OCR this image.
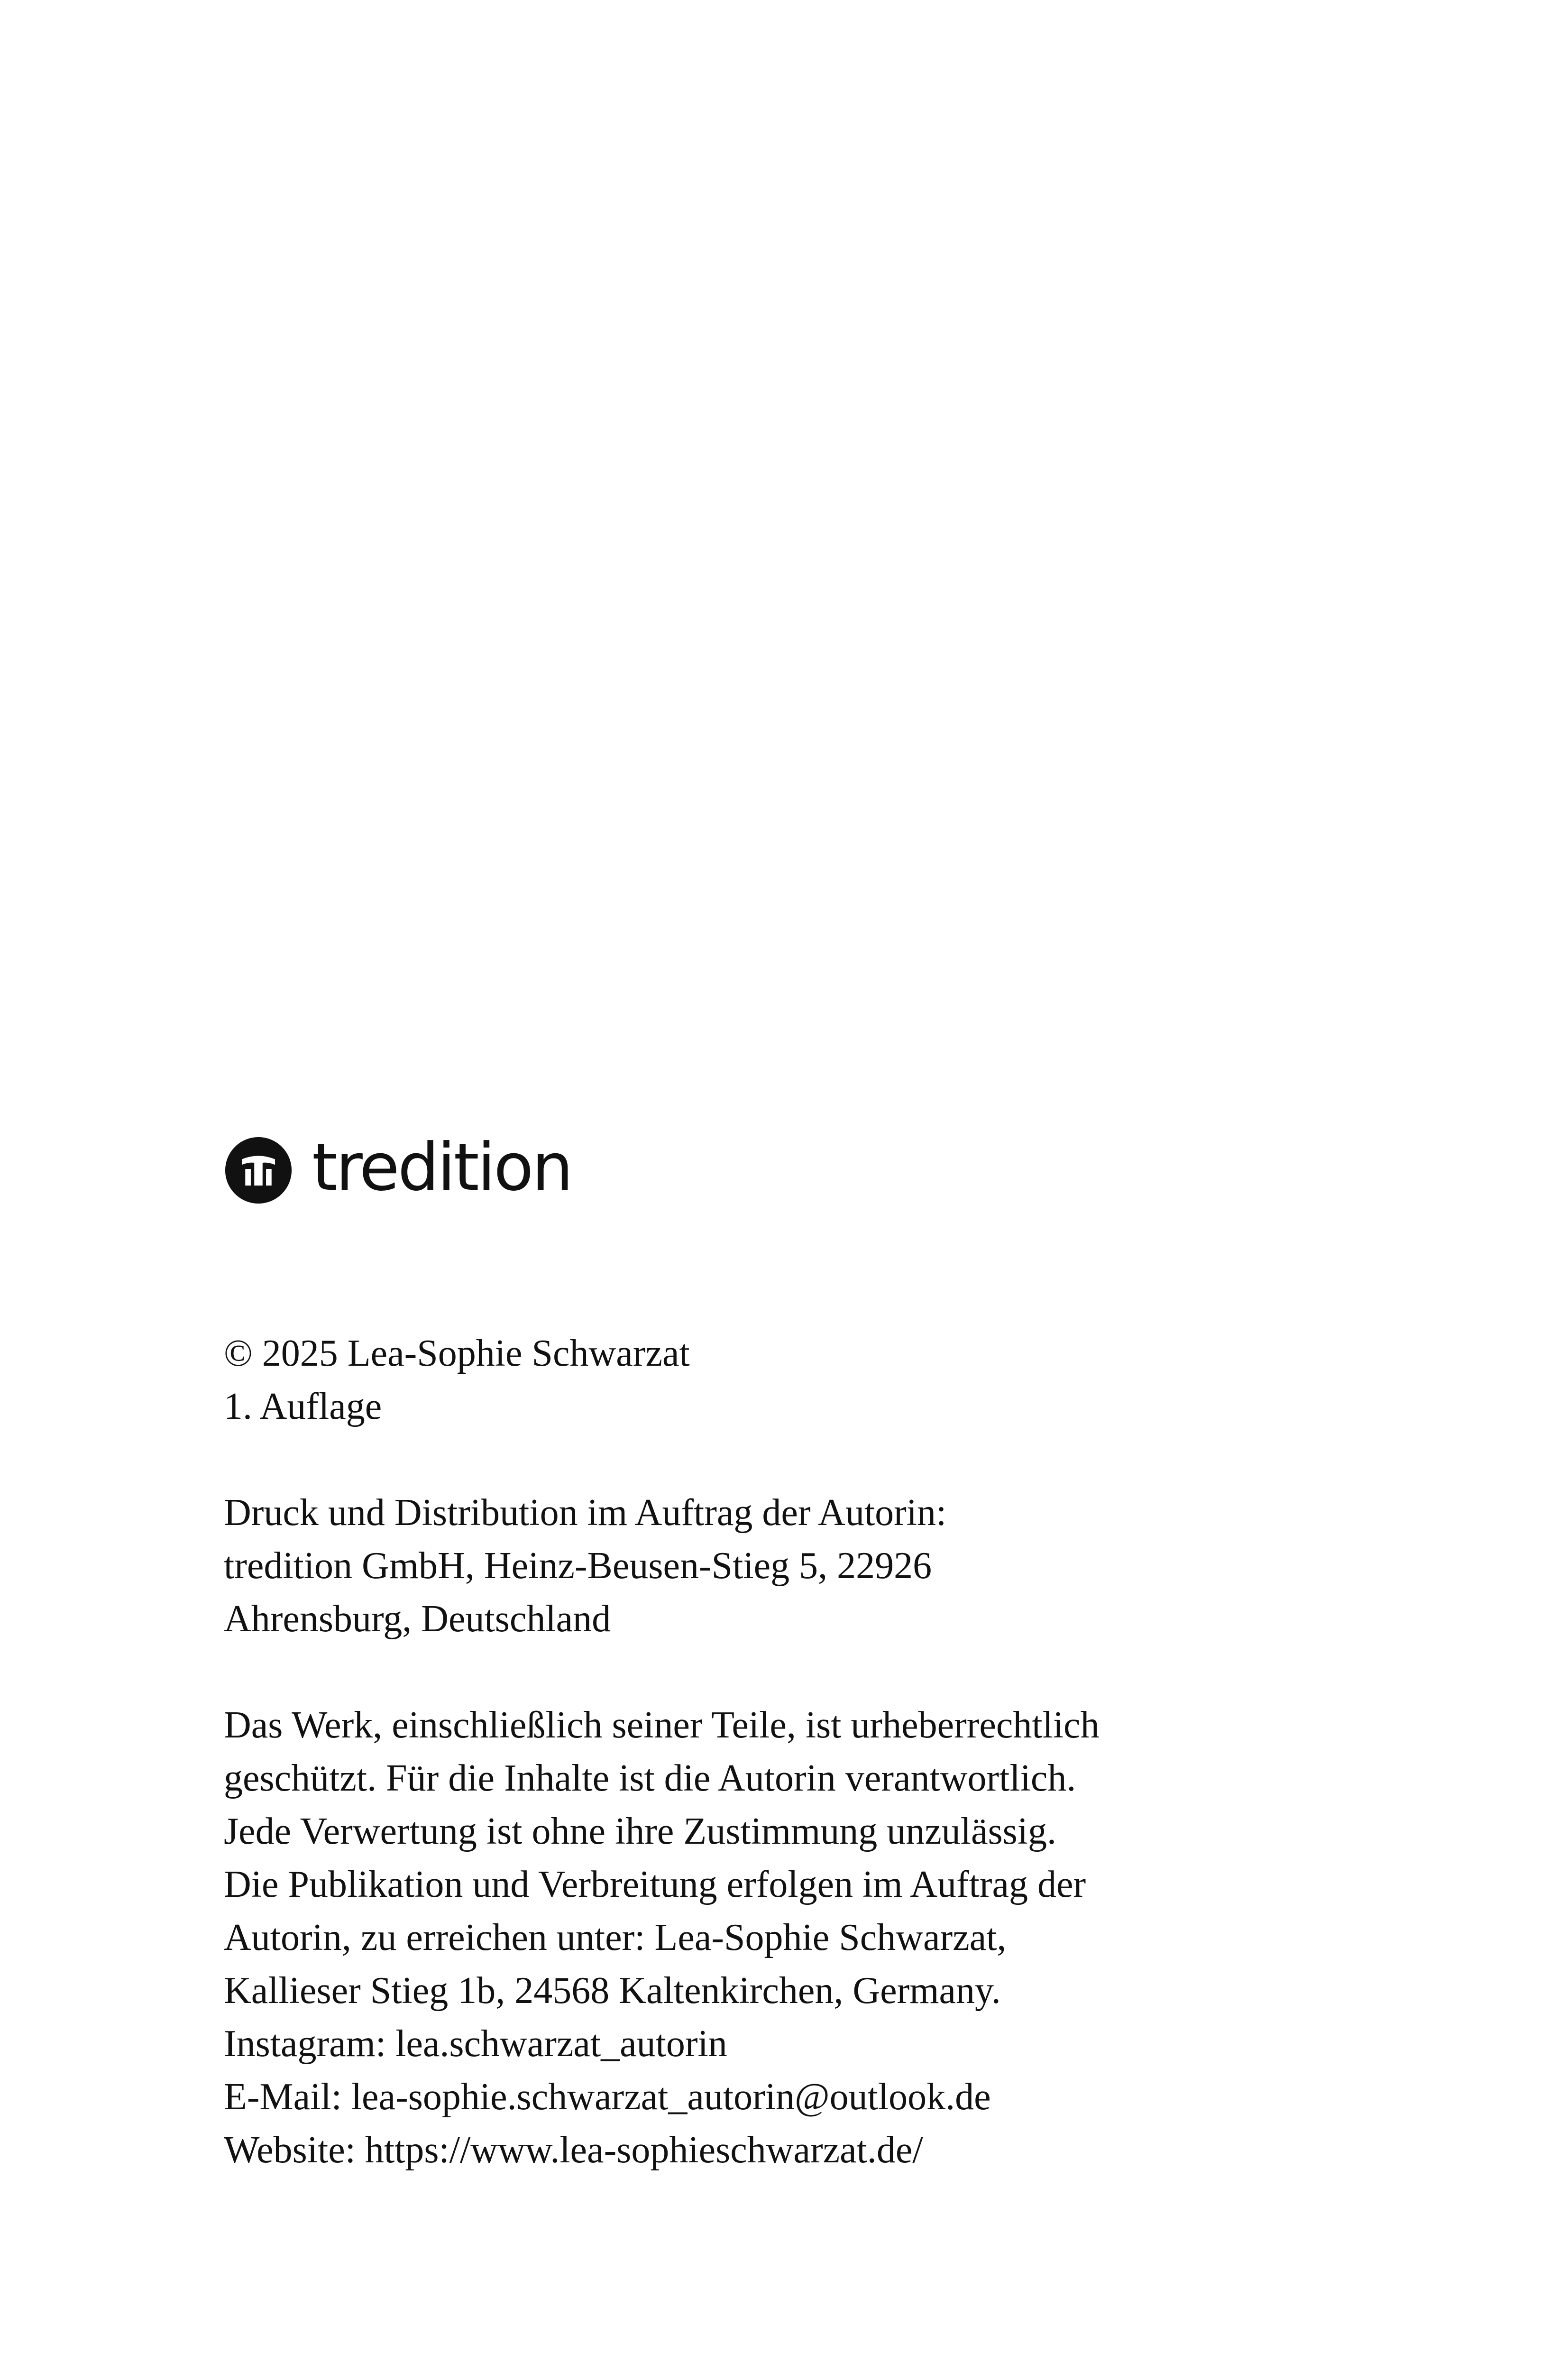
tredition

© 2025 Lea-Sophie Schwarzat

1. Auflage

Druck und Distribution im Auftrag der Autorin:

tredition GmbH, Heinz-Beusen-Stieg 5, 22926

Ahrensburg, Deutschland

Das Werk, einschließlich seiner Teile, ist urheberrechtlich

geschützt. Für die Inhalte ist die Autorin verantwortlich.

Jede Verwertung ist ohne ihre Zustimmung unzulässig.

Die Publikation und Verbreitung erfolgen im Auftrag der

Autorin, zu erreichen unter: Lea-Sophie Schwarzat,

Kallieser Stieg 1b, 24568 Kaltenkirchen, Germany.

Instagram: lea.schwarzat_autorin

E-Mail: lea-sophie.schwarzat_autorin@outlook.de

Website: https://www.lea-sophieschwarzat.de/
